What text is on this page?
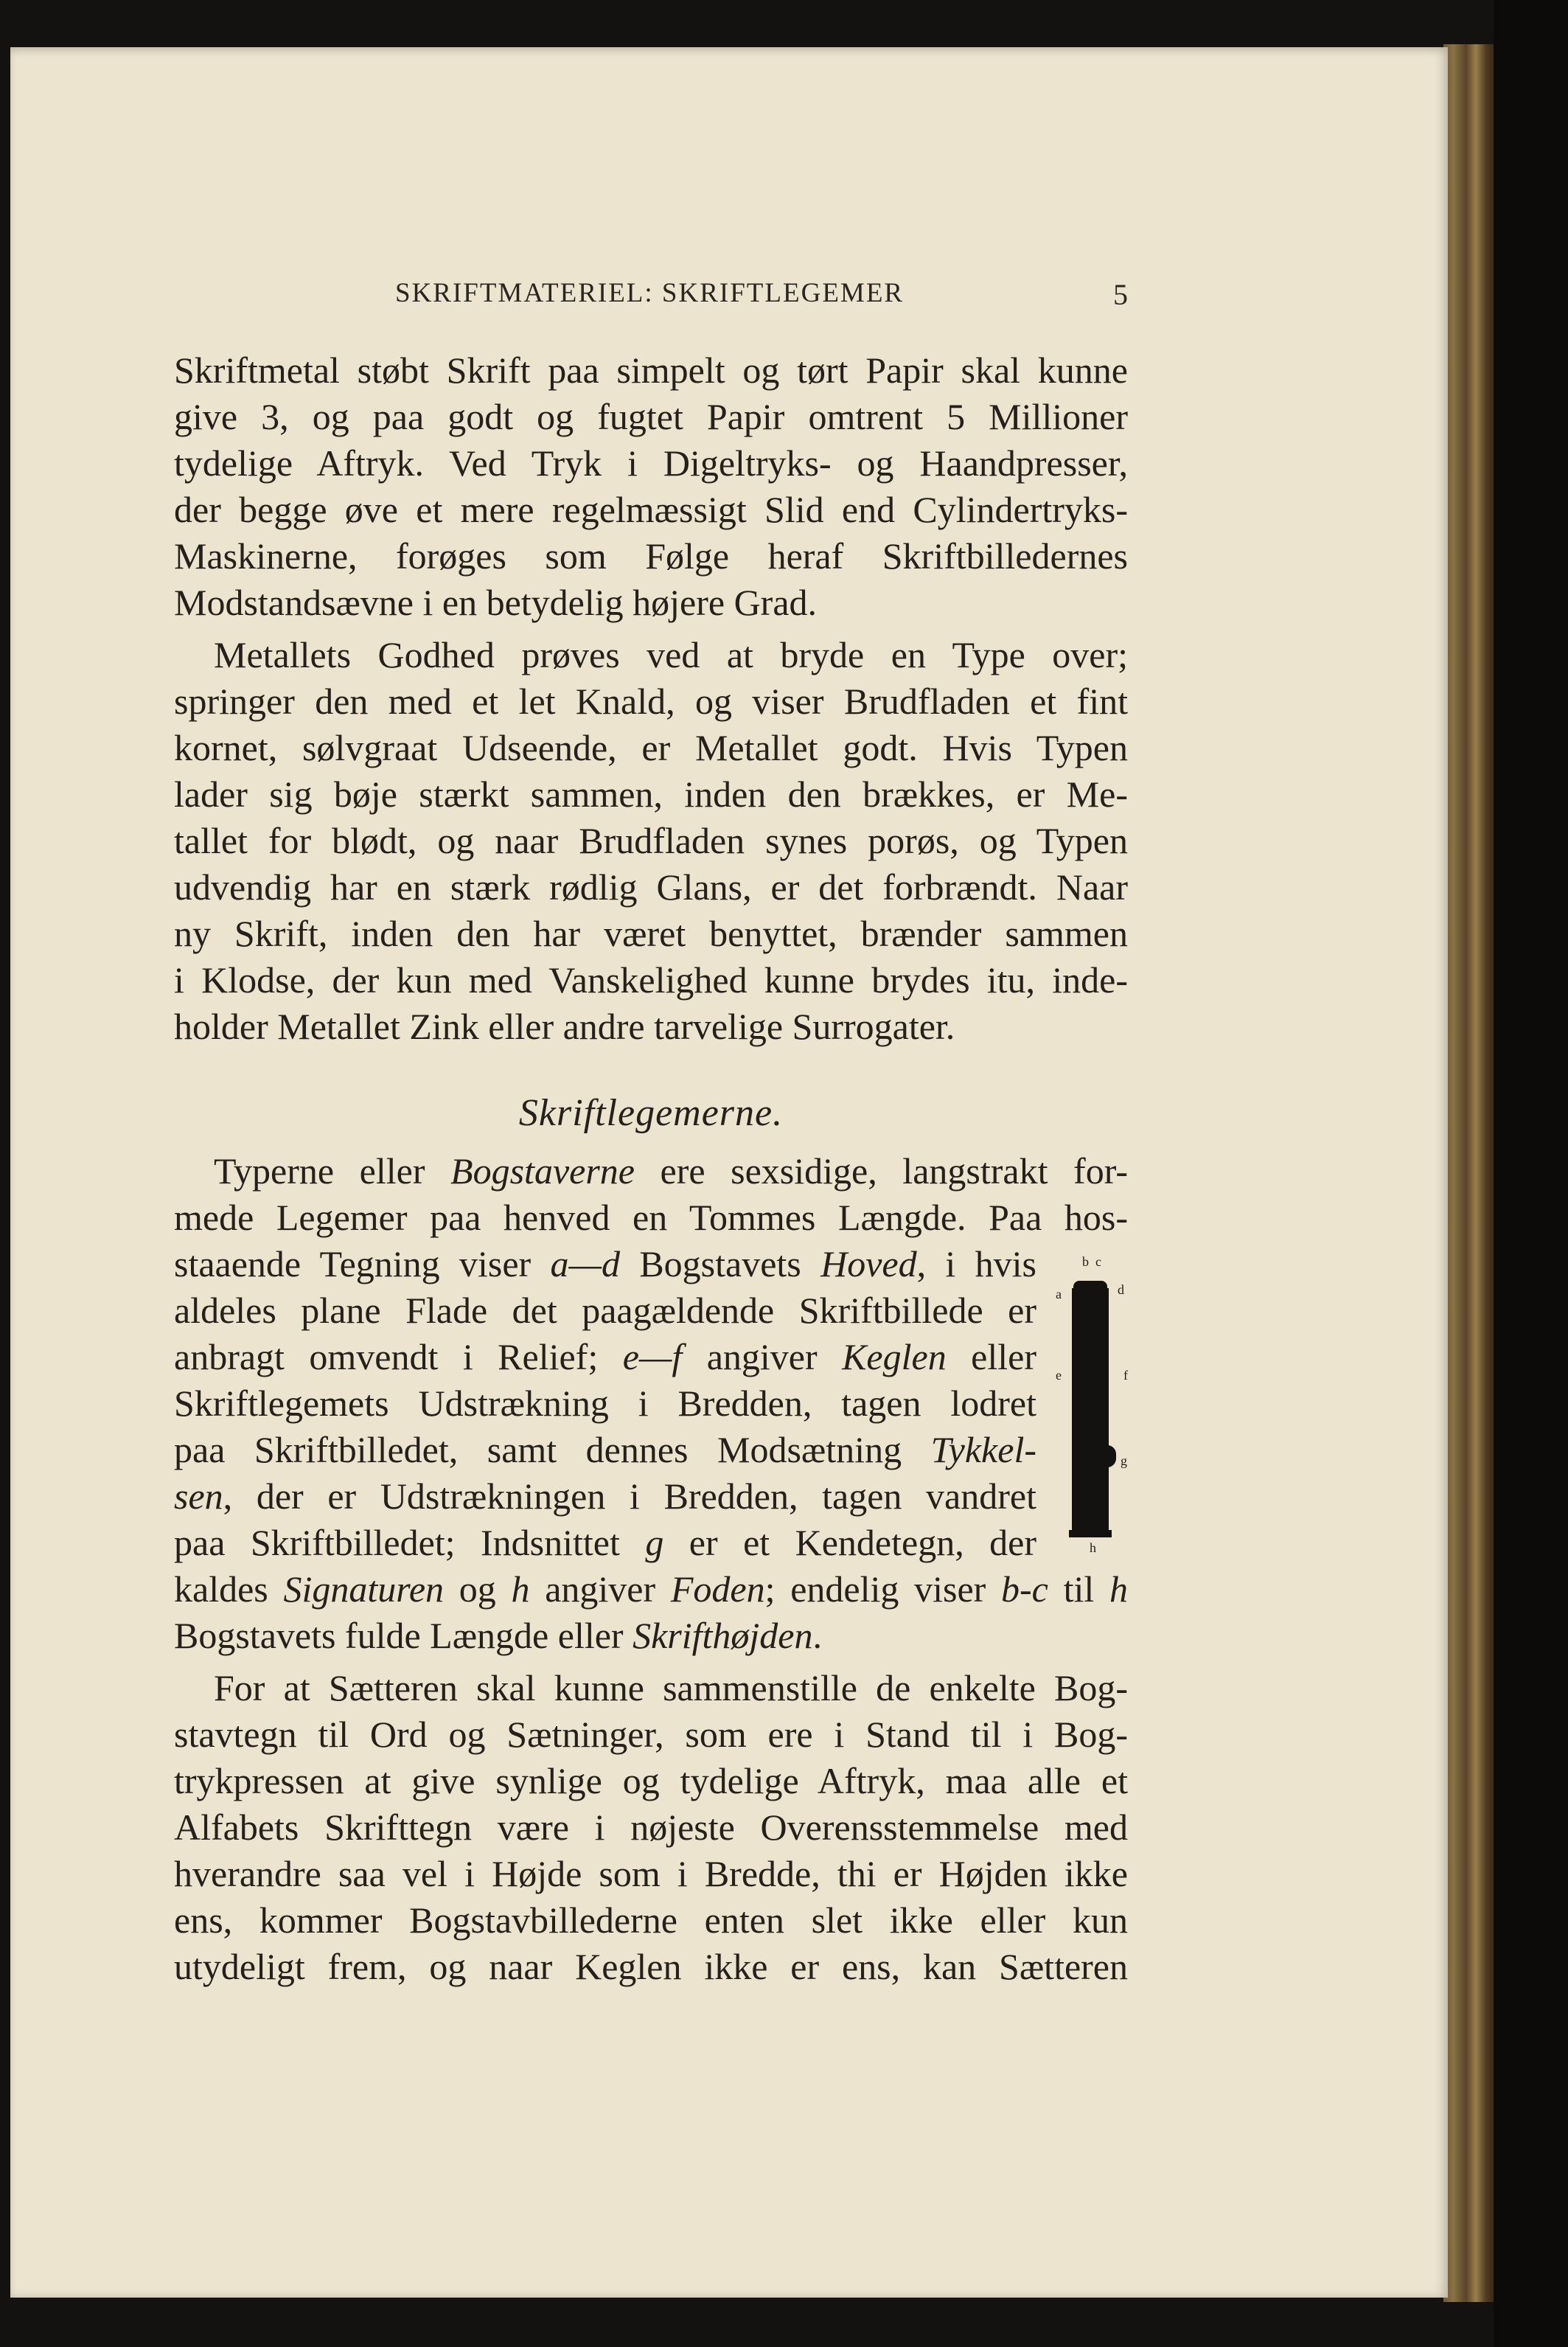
SKRIFTMATERIEL: SKRIFTLEGEMER	5
Skriftmetal støbt Skrift paa simpelt og tørt Papir skal kunne
give 3, og paa godt og fugtet Papir omtrent 5 Millioner
tydelige Aftryk. Ved Tryk i Digeltryks- og Haandpresser,
der begge øve et mere regelmæssigt Slid end Cylindertryks-
Maskinerne, forøges som Følge heraf Skriftbilledernes
Modstandsævne i en betydelig højere Grad.
Metallets Godhed prøves ved at bryde en Type over;
springer den med et let Knald, og viser Brudfladen et fint
kornet, sølvgraat Udseende, er Metallet godt. Hvis Typen
lader sig bøje stærkt sammen, inden den brækkes, er Me-
tallet for blødt, og naar Brudfladen synes porøs, og Typen
udvendig har en stærk rødlig Glans, er det forbrændt. Naar
ny Skrift, inden den har været benyttet, brænder sammen
i Klodse, der kun med Vanskelighed kunne brydes itu, inde-
holder Metallet Zink eller andre tarvelige Surrogater.
Skriftlegemerne.
Typerne eller Bogstaverne ere sexsidige, langstrakt for-
mede Legemer paa henved en Tommes Længde. Paa hos-
staaende Tegning viser a—d Bogstavets Hoved, i hvis
aldeles plane Flade det paagældende Skriftbillede er
anbragt omvendt i Relief; e—f angiver Keglen eller
Skriftlegemets Udstrækning i Bredden, tagen lodret
paa Skriftbilledet, samt dennes Modsætning Tykkel-
sen, der er Udstrækningen i Bredden, tagen vandret
paa Skriftbilledet; Indsnittet g er et Kendetegn, der
kaldes Signaturen og h angiver Foden; endelig viser b-c til h
Bogstavets fulde Længde eller Skrifthøjden.
For at Sætteren skal kunne sammenstille de enkelte Bog-
stavtegn til Ord og Sætninger, som ere i Stand til i Bog-
trykpressen at give synlige og tydelige Aftryk, maa alle et
Alfabets Skrifttegn være i nøjeste Overensstemmelse med
hverandre saa vel i Højde som i Bredde, thi er Højden ikke
ens, kommer Bogstavbillederne enten slet ikke eller kun
utydeligt frem, og naar Keglen ikke er ens, kan Sætteren
a
b c
d
e	f
g
h
